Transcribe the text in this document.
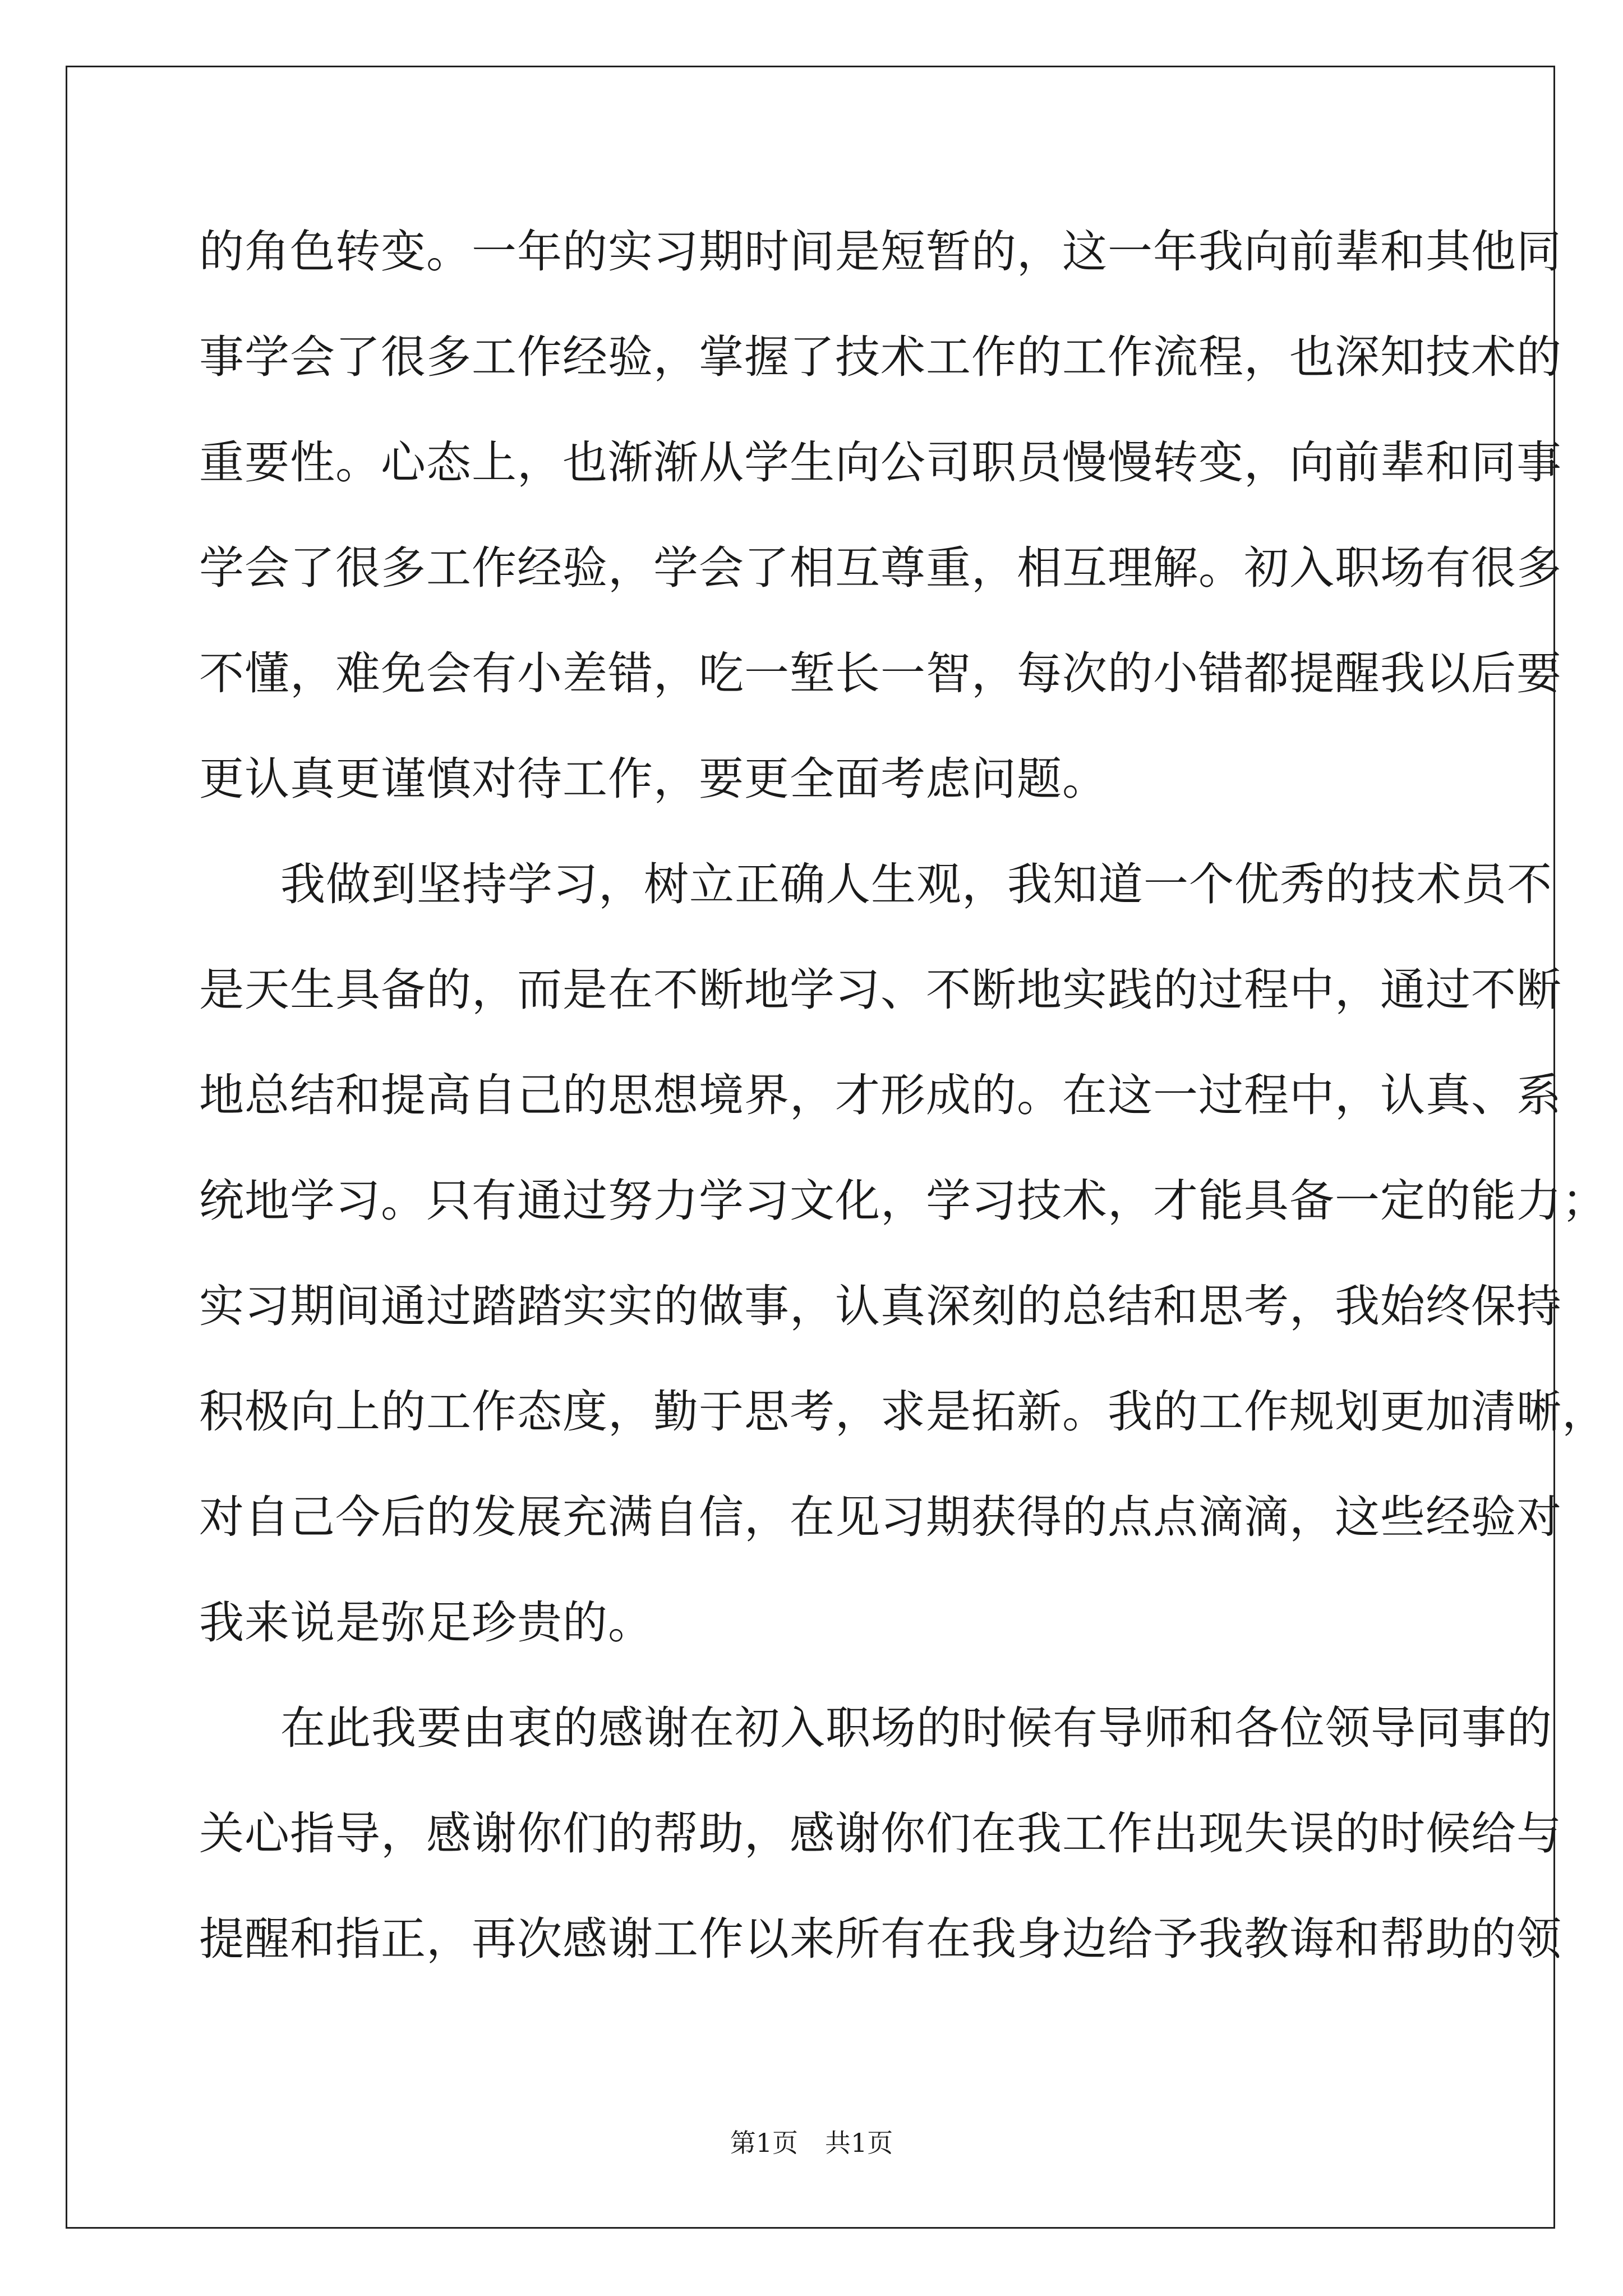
的角色转变。一年的实习期时间是短暂的，这一年我向前辈和其他同
事学会了很多工作经验，掌握了技术工作的工作流程，也深知技术的
重要性。心态上，也渐渐从学生向公司职员慢慢转变，向前辈和同事
学会了很多工作经验，学会了相互尊重，相互理解。初入职场有很多
不懂，难免会有小差错，吃一堑长一智，每次的小错都提醒我以后要
更认真更谨慎对待工作，要更全面考虑问题。
我做到坚持学习，树立正确人生观，我知道一个优秀的技术员不
是天生具备的，而是在不断地学习、不断地实践的过程中，通过不断
地总结和提高自己的思想境界，才形成的。在这一过程中，认真、系
统地学习。只有通过努力学习文化，学习技术，才能具备一定的能力；
实习期间通过踏踏实实的做事，认真深刻的总结和思考，我始终保持
积极向上的工作态度，勤于思考，求是拓新。我的工作规划更加清晰，
对自己今后的发展充满自信，在见习期获得的点点滴滴，这些经验对
我来说是弥足珍贵的。
在此我要由衷的感谢在初入职场的时候有导师和各位领导同事的
关心指导，感谢你们的帮助，感谢你们在我工作出现失误的时候给与
提醒和指正，再次感谢工作以来所有在我身边给予我教诲和帮助的领
第1页 共1页
